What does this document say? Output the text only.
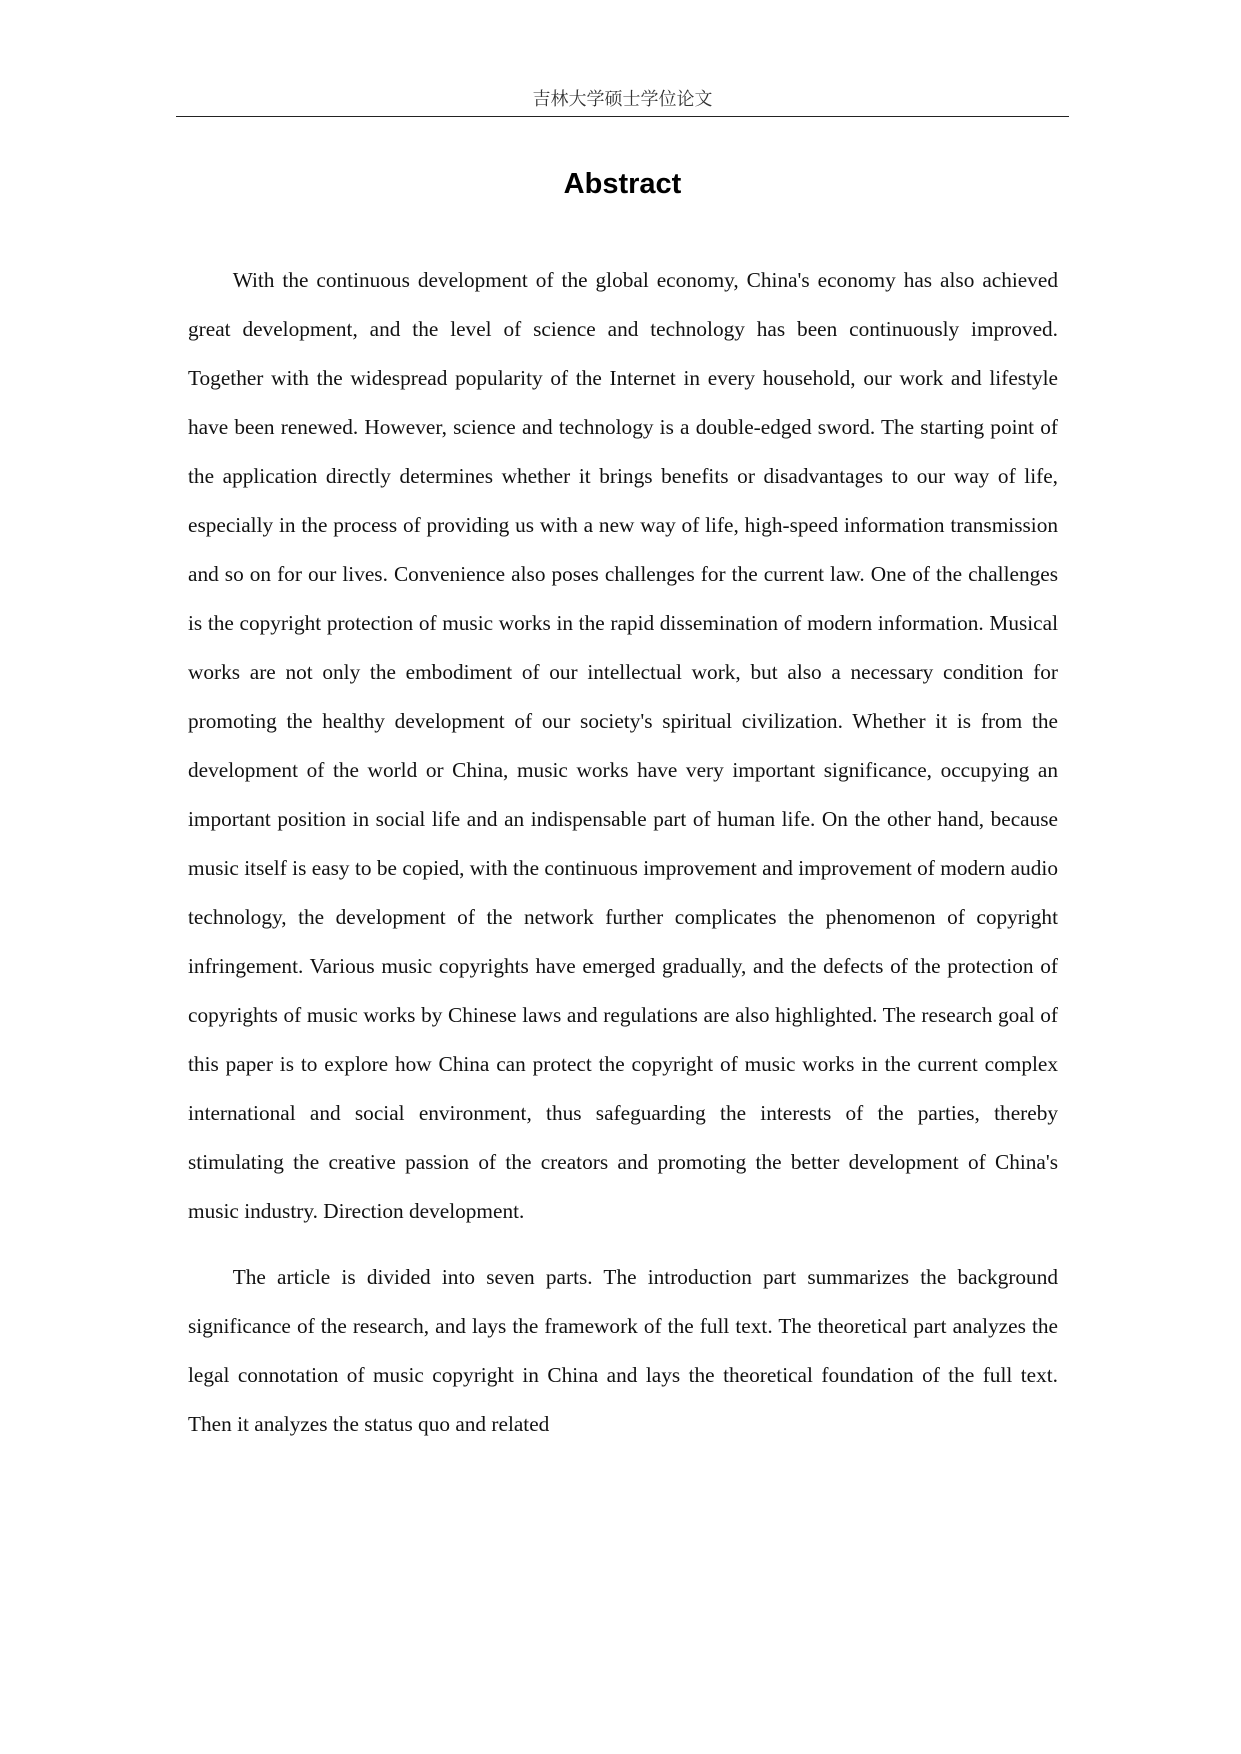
吉林大学硕士学位论文
Abstract

With the continuous development of the global economy, China's economy has also achieved great development, and the level of science and technology has been continuously improved. Together with the widespread popularity of the Internet in every household, our work and lifestyle have been renewed. However, science and technology is a double-edged sword. The starting point of the application directly determines whether it brings benefits or disadvantages to our way of life, especially in the process of providing us with a new way of life, high-speed information transmission and so on for our lives. Convenience also poses challenges for the current law. One of the challenges is the copyright protection of music works in the rapid dissemination of modern information. Musical works are not only the embodiment of our intellectual work, but also a necessary condition for promoting the healthy development of our society's spiritual civilization. Whether it is from the development of the world or China, music works have very important significance, occupying an important position in social life and an indispensable part of human life. On the other hand, because music itself is easy to be copied, with the continuous improvement and improvement of modern audio technology, the development of the network further complicates the phenomenon of copyright infringement. Various music copyrights have emerged gradually, and the defects of the protection of copyrights of music works by Chinese laws and regulations are also highlighted. The research goal of this paper is to explore how China can protect the copyright of music works in the current complex international and social environment, thus safeguarding the interests of the parties, thereby stimulating the creative passion of the creators and promoting the better development of China's music industry. Direction development.

The article is divided into seven parts. The introduction part summarizes the background significance of the research, and lays the framework of the full text. The theoretical part analyzes the legal connotation of music copyright in China and lays the theoretical foundation of the full text. Then it analyzes the status quo and related
